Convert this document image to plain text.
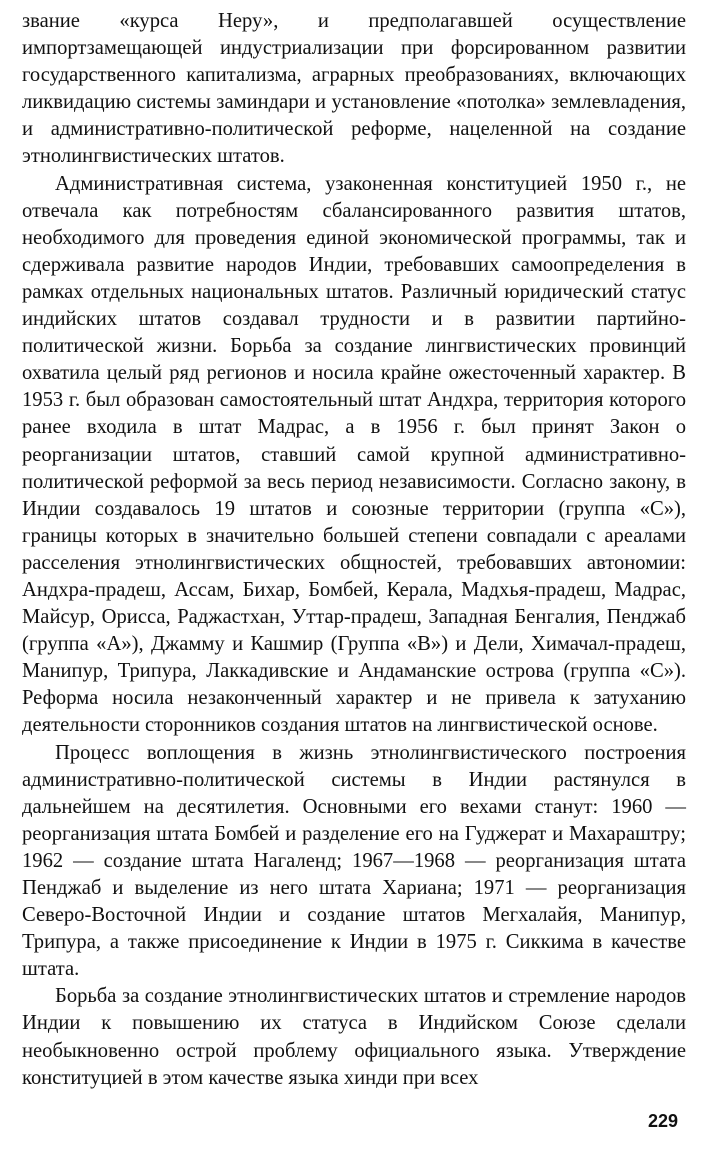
звание «курса Неру», и предполагавшей осуществление импортзамещающей индустриализации при форсированном развитии государственного капитализма, аграрных преобразованиях, включающих ликвидацию системы заминдари и установление «потолка» землевладения, и административно-политической реформе, нацеленной на создание этнолингвистических штатов.

Административная система, узаконенная конституцией 1950 г., не отвечала как потребностям сбалансированного развития штатов, необходимого для проведения единой экономической программы, так и сдерживала развитие народов Индии, требовавших самоопределения в рамках отдельных национальных штатов. Различный юридический статус индийских штатов создавал трудности и в развитии партийно-политической жизни. Борьба за создание лингвистических провинций охватила целый ряд регионов и носила крайне ожесточенный характер. В 1953 г. был образован самостоятельный штат Андхра, территория которого ранее входила в штат Мадрас, а в 1956 г. был принят Закон о реорганизации штатов, ставший самой крупной административно-политической реформой за весь период независимости. Согласно закону, в Индии создавалось 19 штатов и союзные территории (группа «С»), границы которых в значительно большей степени совпадали с ареалами расселения этнолингвистических общностей, требовавших автономии: Андхра-прадеш, Ассам, Бихар, Бомбей, Керала, Мадхья-прадеш, Мадрас, Майсур, Орисса, Раджастхан, Уттар-прадеш, Западная Бенгалия, Пенджаб (группа «А»), Джамму и Кашмир (Группа «В») и Дели, Химачал-прадеш, Манипур, Трипура, Лаккадивские и Андаманские острова (группа «С»). Реформа носила незаконченный характер и не привела к затуханию деятельности сторонников создания штатов на лингвистической основе.

Процесс воплощения в жизнь этнолингвистического построения административно-политической системы в Индии растянулся в дальнейшем на десятилетия. Основными его вехами станут: 1960 — реорганизация штата Бомбей и разделение его на Гуджерат и Махараштру; 1962 — создание штата Нагаленд; 1967—1968 — реорганизация штата Пенджаб и выделение из него штата Хариана; 1971 — реорганизация Северо-Восточной Индии и создание штатов Мегхалайя, Манипур, Трипура, а также присоединение к Индии в 1975 г. Сиккима в качестве штата.

Борьба за создание этнолингвистических штатов и стремление народов Индии к повышению их статуса в Индийском Союзе сделали необыкновенно острой проблему официального языка. Утверждение конституцией в этом качестве языка хинди при всех

229
